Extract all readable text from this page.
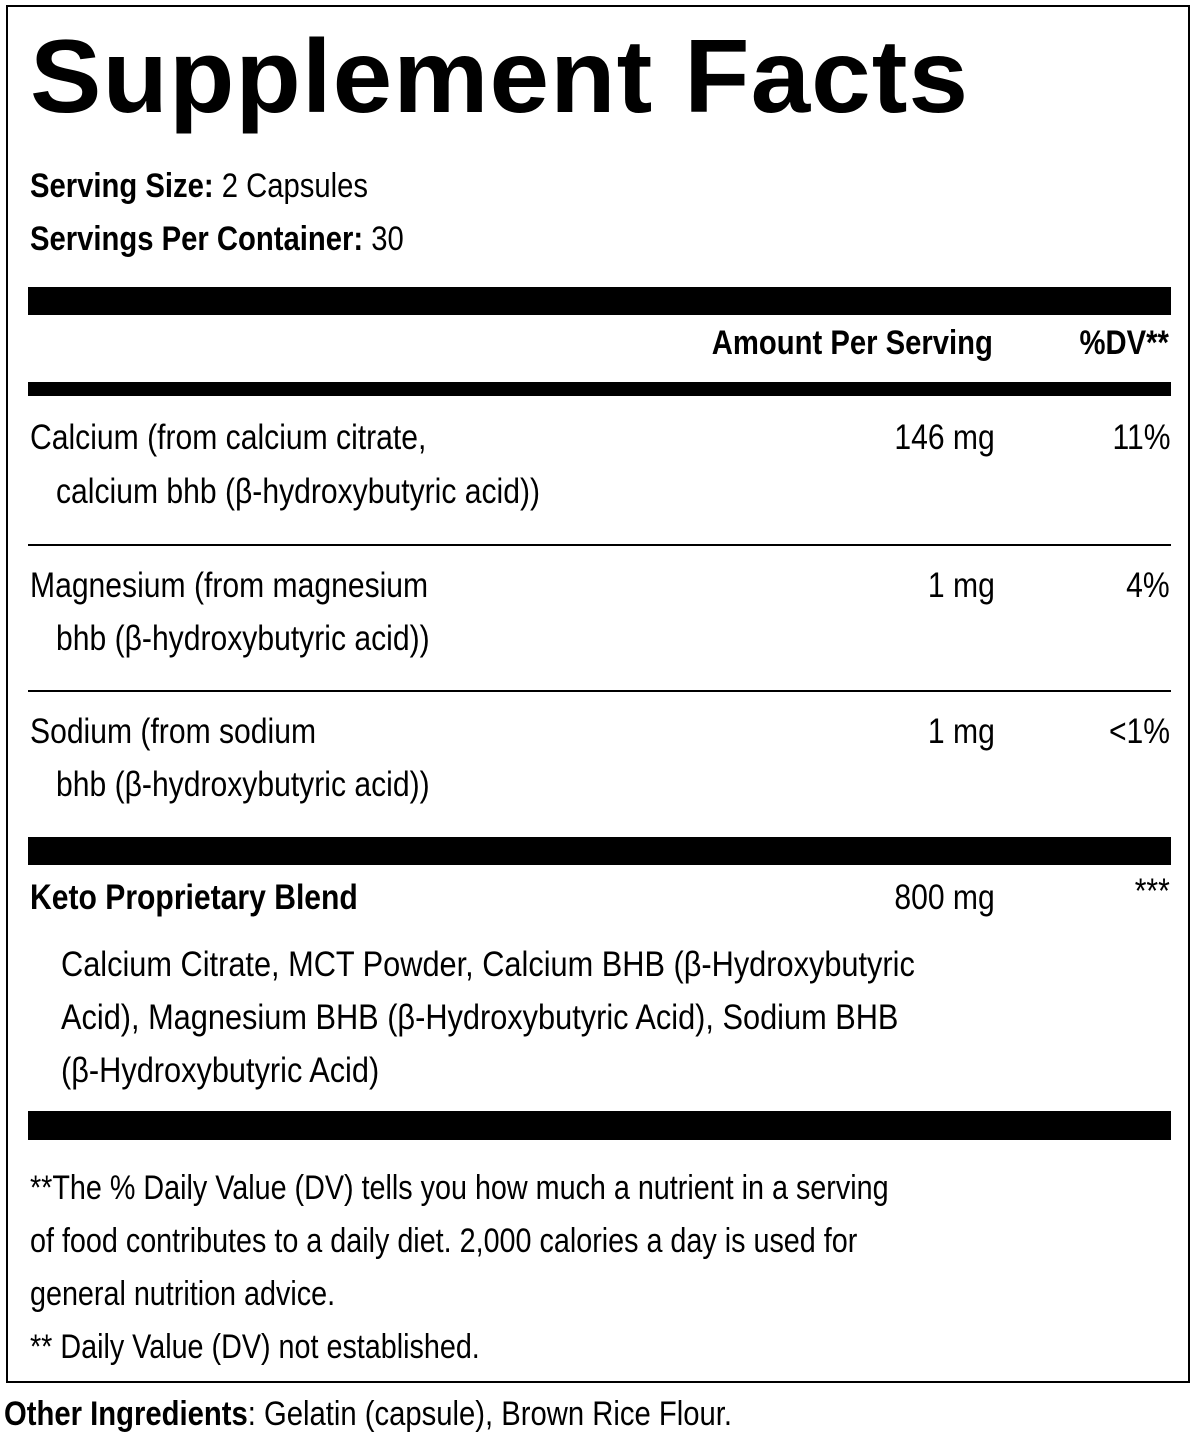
Supplement Facts
Serving Size: 2 Capsules
Servings Per Container: 30
Amount Per Serving	%DV**
Calcium (from calcium citrate,
calcium bhb (β-hydroxybutyric acid))
146 mg	11%
Magnesium (from magnesium
bhb (β-hydroxybutyric acid))
1 mg	4%
Sodium (from sodium
bhb (β-hydroxybutyric acid))
1 mg	<1%
Keto Proprietary Blend	800 mg	***
Calcium Citrate, MCT Powder, Calcium BHB (β-Hydroxybutyric
Acid), Magnesium BHB (β-Hydroxybutyric Acid), Sodium BHB
(β-Hydroxybutyric Acid)
**The % Daily Value (DV) tells you how much a nutrient in a serving
of food contributes to a daily diet. 2,000 calories a day is used for
general nutrition advice.
** Daily Value (DV) not established.
Other Ingredients: Gelatin (capsule), Brown Rice Flour.
